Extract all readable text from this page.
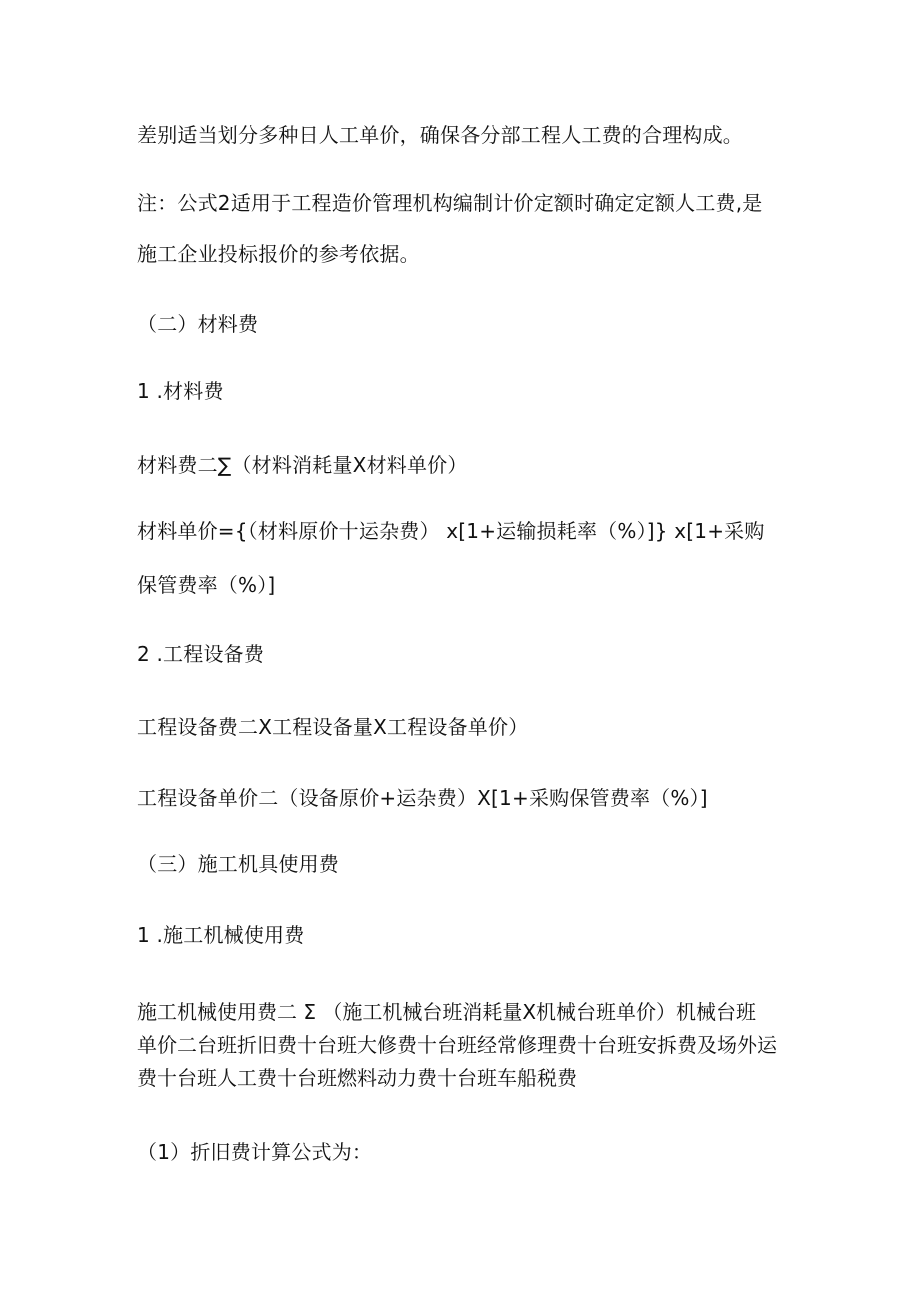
差别适当划分多种日人工单价，确保各分部工程人工费的合理构成。
注：公式2适用于工程造价管理机构编制计价定额时确定定额人工费,是
施工企业投标报价的参考依据。
（二）材料费
1 .材料费
材料费二∑（材料消耗量X材料单价）
材料单价={（材料原价十运杂费） x[1+运输损耗率（%）]} x[1+采购
保管费率（%）]
2 .工程设备费
工程设备费二X工程设备量X工程设备单价）
工程设备单价二（设备原价+运杂费）X[1+采购保管费率（%）]
（三）施工机具使用费
1 .施工机械使用费
施工机械使用费二 Σ （施工机械台班消耗量X机械台班单价）机械台班
单价二台班折旧费十台班大修费十台班经常修理费十台班安拆费及场外运
费十台班人工费十台班燃料动力费十台班车船税费
（1）折旧费计算公式为：
